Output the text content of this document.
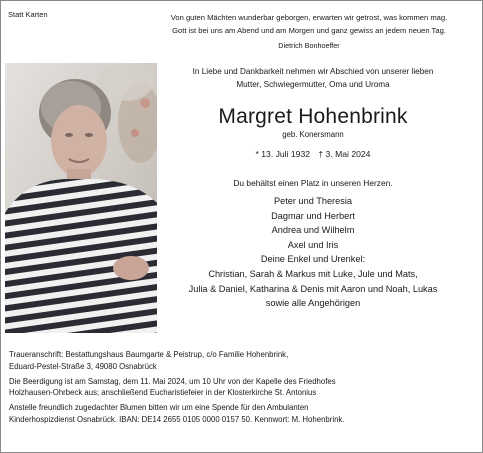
Statt Karten	Von guten Mächten wunderbar geborgen, erwarten wir getrost, was kommen mag.
Gott ist bei uns am Abend und am Morgen und ganz gewiss an jedem neuen Tag.
Dietrich Bonhoeffer
In Liebe und Dankbarkeit nehmen wir Abschied von unserer lieben
Mutter, Schwiegermutter, Oma und Uroma
Margret Hohenbrink
geb. Konersmann
* 13. Juli 1932 † 3. Mai 2024
Du behältst einen Platz in unseren Herzen.
Peter und Theresia
Dagmar und Herbert
Andrea und Wilhelm
Axel und Iris
Deine Enkel und Urenkel:
Christian, Sarah & Markus mit Luke, Jule und Mats,
Julia & Daniel, Katharina & Denis mit Aaron und Noah, Lukas
sowie alle Angehörigen

Traueranschrift: Bestattungshaus Baumgarte & Peistrup, c/o Familie Hohenbrink,
Eduard-Pestel-Straße 3, 49080 Osnabrück

Die Beerdigung ist am Samstag, dem 11. Mai 2024, um 10 Uhr von der Kapelle des Friedhofes
Holzhausen-Ohrbeck aus; anschließend Eucharistiefeier in der Klosterkirche St. Antonius

Anstelle freundlich zugedachter Blumen bitten wir um eine Spende für den Ambulanten
Kinderhospizdienst Osnabrück. IBAN: DE14 2655 0105 0000 0157 50. Kennwort: M. Hohenbrink.
